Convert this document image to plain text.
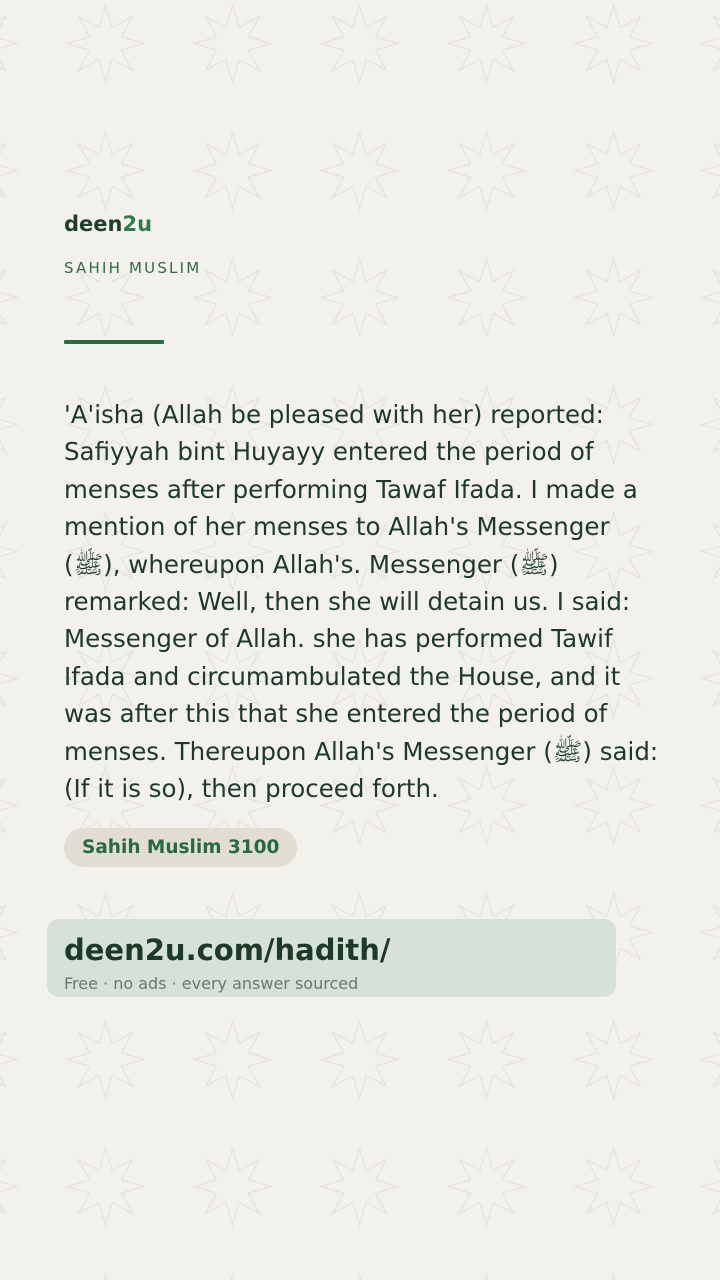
deen2u
SAHIH MUSLIM

'A'isha (Allah be pleased with her) reported: Safiyyah bint Huyayy entered the period of menses after performing Tawaf Ifada. I made a mention of her menses to Allah's Messenger (ﷺ), whereupon Allah's. Messenger (ﷺ) remarked: Well, then she will detain us. I said: Messenger of Allah. she has performed Tawif Ifada and circumambulated the House, and it was after this that she entered the period of menses. Thereupon Allah's Messenger (ﷺ) said: (If it is so), then proceed forth.

Sahih Muslim 3100
deen2u.com/hadith/
Free · no ads · every answer sourced
